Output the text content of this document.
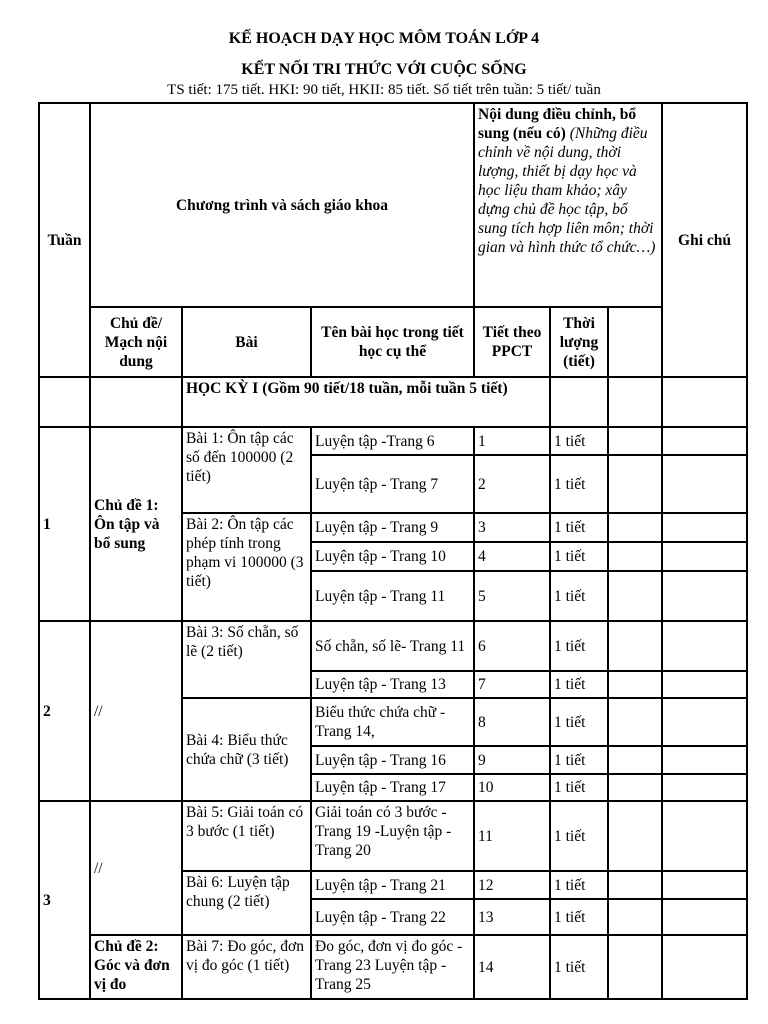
KẾ HOẠCH DẠY HỌC MÔM TOÁN LỚP 4
KẾT NỐI TRI THỨC VỚI CUỘC SỐNG
TS tiết: 175 tiết. HKI: 90 tiết, HKII: 85 tiết. Số tiết trên tuần: 5 tiết/ tuần
Tuần	Chương trình và sách giáo khoa			Nội dung điều chỉnh, bổ sung (nếu có) (Những điều chỉnh về nội dung, thời lượng, thiết bị dạy học và học liệu tham khảo; xây dựng chủ đề học tập, bổ sung tích hợp liên môn; thời gian và hình thức tổ chức…)			Ghi chú
	Chủ đề/ Mạch nội dung	Bài	Tên bài học trong tiết học cụ thể	Tiết theo PPCT	Thời lượng (tiết)		
		HỌC KỲ I (Gồm 90 tiết/18 tuần, mỗi tuần 5 tiết)					
1	Chủ đề 1: Ôn tập và bổ sung	Bài 1: Ôn tập các số đến 100000 (2 tiết)	Luyện tập -Trang 6	1	1 tiết		
			Luyện tập - Trang 7	2	1 tiết		
		Bài 2: Ôn tập các phép tính trong phạm vi 100000 (3 tiết)	Luyện tập - Trang 9	3	1 tiết		
			Luyện tập - Trang 10	4	1 tiết		
			Luyện tập - Trang 11	5	1 tiết		
2	//	Bài 3: Số chẵn, số lẽ (2 tiết)	Số chẵn, số lẽ- Trang 11	6	1 tiết		
			Luyện tập - Trang 13	7	1 tiết		
		Bài 4: Biểu thức chứa chữ (3 tiết)	Biểu thức chứa chữ - Trang 14,	8	1 tiết		
			Luyện tập - Trang 16	9	1 tiết		
			Luyện tập - Trang 17	10	1 tiết		
3	//	Bài 5: Giải toán có 3 bước (1 tiết)	Giải toán có 3 bước - Trang 19 -Luyện tập - Trang 20	11	1 tiết		
		Bài 6: Luyện tập chung (2 tiết)	Luyện tập - Trang 21	12	1 tiết		
			Luyện tập - Trang 22	13	1 tiết		
	Chủ đề 2: Góc và đơn vị đo	Bài 7: Đo góc, đơn vị đo góc (1 tiết)	Đo góc, đơn vị đo góc - Trang 23 Luyện tập - Trang 25	14	1 tiết		
